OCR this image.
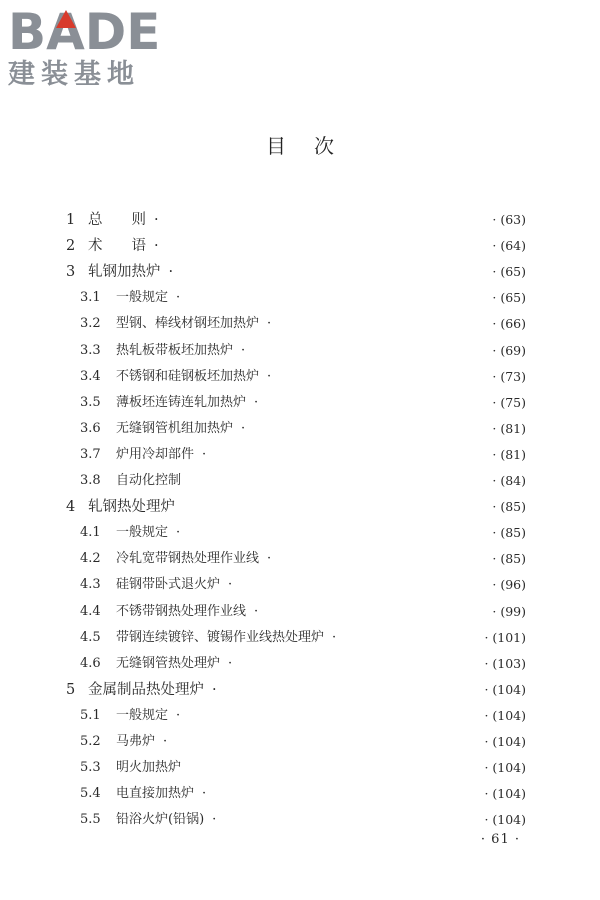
BADE
建装基地
目次
1 总　　则 ·	· (63)
2 术　　语 ·	· (64)
3 轧钢加热炉 ·	· (65)
3.1 一般规定 ·	· (65)
3.2 型钢、棒线材钢坯加热炉 ·	· (66)
3.3 热轧板带板坯加热炉 ·	· (69)
3.4 不锈钢和硅钢板坯加热炉 ·	· (73)
3.5 薄板坯连铸连轧加热炉 ·	· (75)
3.6 无缝钢管机组加热炉 ·	· (81)
3.7 炉用冷却部件 ·	· (81)
3.8 自动化控制	· (84)
4 轧钢热处理炉	· (85)
4.1 一般规定 ·	· (85)
4.2 冷轧宽带钢热处理作业线 ·	· (85)
4.3 硅钢带卧式退火炉 ·	· (96)
4.4 不锈带钢热处理作业线 ·	· (99)
4.5 带钢连续镀锌、镀锡作业线热处理炉 ·	· (101)
4.6 无缝钢管热处理炉 ·	· (103)
5 金属制品热处理炉 ·	· (104)
5.1 一般规定 ·	· (104)
5.2 马弗炉 ·	· (104)
5.3 明火加热炉	· (104)
5.4 电直接加热炉 ·	· (104)
5.5 铅浴火炉(铅锅) ·	· (104)
· 61 ·
